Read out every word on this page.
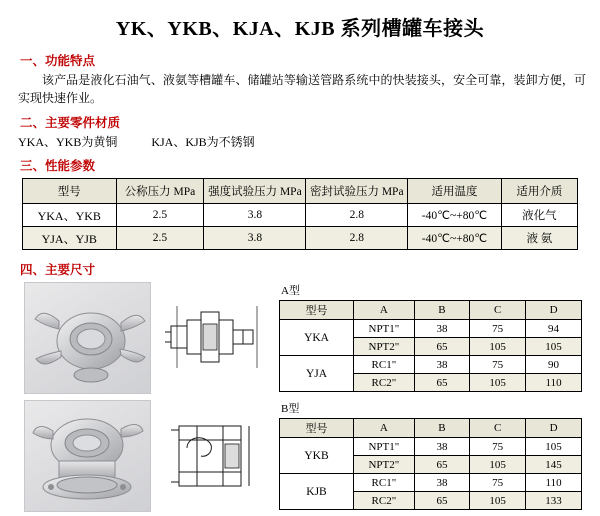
YK、YKB、KJA、KJB 系列槽罐车接头
一、功能特点
该产品是液化石油气、液氨等槽罐车、储罐站等输送管路系统中的快装接头，安全可靠，装卸方便，可实现快速作业。
二、主要零件材质
YKA、YKB为黄铜	KJA、KJB为不锈钢
三、性能参数
型号	公称压力 MPa	强度试验压力 MPa	密封试验压力 MPa	适用温度	适用介质
YKA、YKB	2.5	3.8	2.8	-40℃~+80℃	液化气
YJA、YJB	2.5	3.8	2.8	-40℃~+80℃	液 氨
四、主要尺寸
A型
型号	A	B	C	D
YKA	NPT1"	38	75	94
	NPT2"	65	105	105
YJA	RC1"	38	75	90
	RC2"	65	105	110
B型
型号	A	B	C	D
YKB	NPT1"	38	75	105
	NPT2"	65	105	145
KJB	RC1"	38	75	110
	RC2"	65	105	133
